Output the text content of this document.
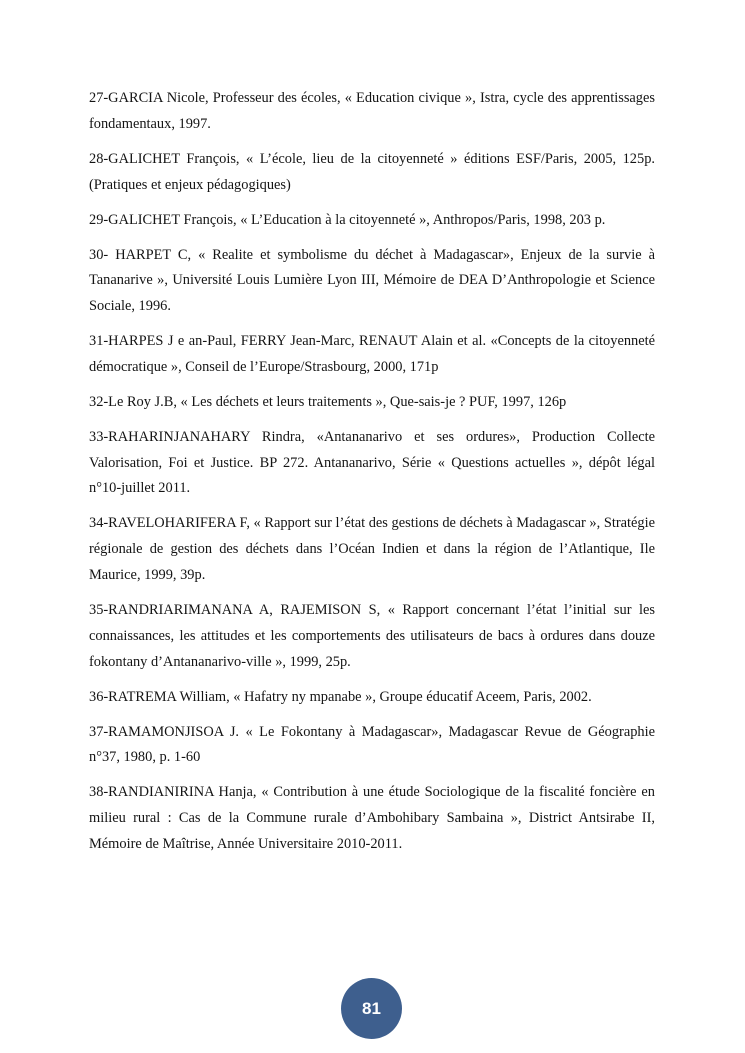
27-GARCIA Nicole, Professeur des écoles, « Education civique », Istra, cycle des apprentissages fondamentaux, 1997.

28-GALICHET François, « L’école, lieu de la citoyenneté » éditions ESF/Paris, 2005, 125p. (Pratiques et enjeux pédagogiques)

29-GALICHET François, « L’Education à la citoyenneté », Anthropos/Paris, 1998, 203 p.

30- HARPET C, « Realite et symbolisme du déchet à Madagascar», Enjeux de la survie à Tananarive », Université Louis Lumière Lyon III, Mémoire de DEA D’Anthropologie et Science Sociale, 1996.

31-HARPES J e an-Paul, FERRY Jean-Marc, RENAUT Alain et al. «Concepts de la citoyenneté démocratique », Conseil de l’Europe/Strasbourg, 2000, 171p

32-Le Roy J.B, « Les déchets et leurs traitements », Que-sais-je ? PUF, 1997, 126p

33-RAHARINJANAHARY Rindra, «Antananarivo et ses ordures», Production Collecte Valorisation, Foi et Justice. BP 272. Antananarivo, Série « Questions actuelles », dépôt légal n°10-juillet 2011.

34-RAVELOHARIFERA F, « Rapport sur l’état des gestions de déchets à Madagascar », Stratégie régionale de gestion des déchets dans l’Océan Indien et dans la région de l’Atlantique, Ile Maurice, 1999, 39p.

35-RANDRIARIMANANA A, RAJEMISON S, « Rapport concernant l’état l’initial sur les connaissances, les attitudes et les comportements des utilisateurs de bacs à ordures dans douze fokontany d’Antananarivo-ville », 1999, 25p.

36-RATREMA William, « Hafatry ny mpanabe », Groupe éducatif Aceem, Paris, 2002.

37-RAMAMONJISOA J. « Le Fokontany à Madagascar», Madagascar Revue de Géographie n°37, 1980, p. 1-60

38-RANDIANIRINA Hanja, « Contribution à une étude Sociologique de la fiscalité foncière en milieu rural : Cas de la Commune rurale d’Ambohibary Sambaina », District Antsirabe II, Mémoire de Maîtrise, Année Universitaire 2010-2011.

81
